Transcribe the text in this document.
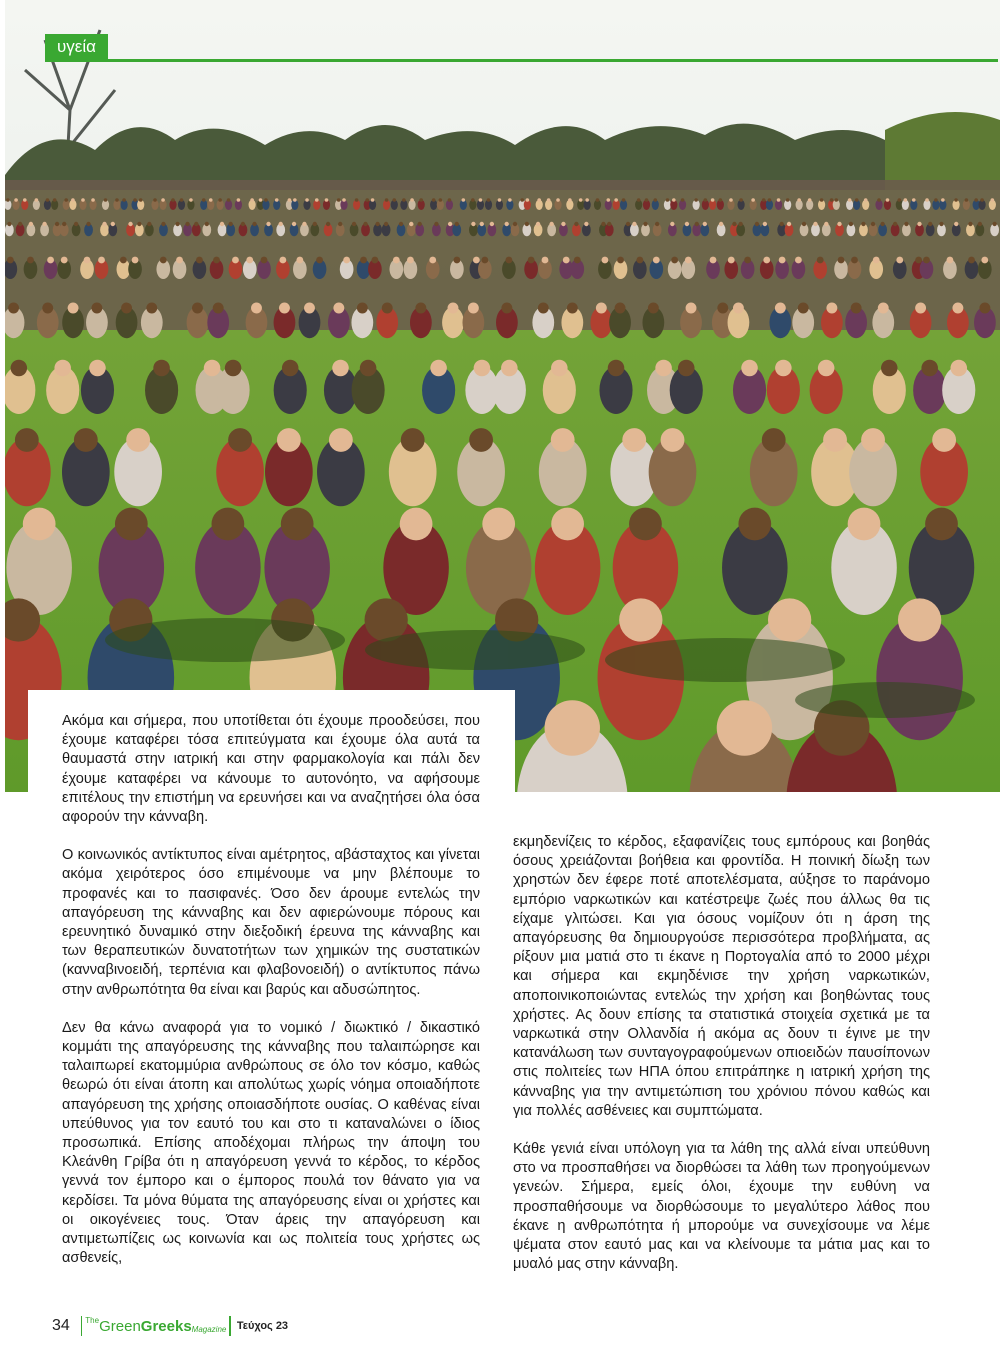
υγεία

Ακόμα και σήμερα, που υποτίθεται ότι έχουμε προοδεύσει, που έχουμε καταφέρει τόσα επιτεύγματα και έχουμε όλα αυτά τα θαυμαστά στην ιατρική και στην φαρμακολογία και πάλι δεν έχουμε καταφέρει να κάνουμε το αυτονόητο, να αφήσουμε επιτέλους την επιστήμη να ερευνήσει και να αναζητήσει όλα όσα αφορούν την κάνναβη.

Ο κοινωνικός αντίκτυπος είναι αμέτρητος, αβάσταχτος και γίνεται ακόμα χειρότερος όσο επιμένουμε να μην βλέπουμε το προφανές και το πασιφανές. Όσο δεν άρουμε εντελώς την απαγόρευση της κάνναβης και δεν αφιερώνουμε πόρους και ερευνητικό δυναμικό στην διεξοδική έρευνα της κάνναβης και των θεραπευτικών δυνατοτήτων των χημικών της συστατικών (κανναβινοειδή, τερπένια και φλαβονοειδή) ο αντίκτυπος πάνω στην ανθρωπότητα θα είναι και βαρύς και αδυσώπητος.

Δεν θα κάνω αναφορά για το νομικό / διωκτικό / δικαστικό κομμάτι της απαγόρευσης της κάνναβης που ταλαιπώρησε και ταλαιπωρεί εκατομμύρια ανθρώπους σε όλο τον κόσμο, καθώς θεωρώ ότι είναι άτοπη και απολύτως χωρίς νόημα οποιαδήποτε απαγόρευση της χρήσης οποιασδήποτε ουσίας. Ο καθένας είναι υπεύθυνος για τον εαυτό του και στο τι καταναλώνει ο ίδιος προσωπικά. Επίσης αποδέχομαι πλήρως την άποψη του Κλεάνθη Γρίβα ότι η απαγόρευση γεννά το κέρδος, το κέρδος γεννά τον έμπορο και ο έμπορος πουλά τον θάνατο για να κερδίσει. Τα μόνα θύματα της απαγόρευσης είναι οι χρήστες και οι οικογένειες τους. Όταν άρεις την απαγόρευση και αντιμετωπίζεις ως κοινωνία και ως πολιτεία τους χρήστες ως ασθενείς,

εκμηδενίζεις το κέρδος, εξαφανίζεις τους εμπόρους και βοηθάς όσους χρειάζονται βοήθεια και φροντίδα. Η ποινική δίωξη των χρηστών δεν έφερε ποτέ αποτελέσματα, αύξησε το παράνομο εμπόριο ναρκωτικών και κατέστρεψε ζωές που άλλως θα τις είχαμε γλιτώσει. Και για όσους νομίζουν ότι η άρση της απαγόρευσης θα δημιουργούσε περισσότερα προβλήματα, ας ρίξουν μια ματιά στο τι έκανε η Πορτογαλία από το 2000 μέχρι και σήμερα και εκμηδένισε την χρήση ναρκωτικών, αποποινικοποιώντας εντελώς την χρήση και βοηθώντας τους χρήστες. Ας δουν επίσης τα στατιστικά στοιχεία σχετικά με τα ναρκωτικά στην Ολλανδία ή ακόμα ας δουν τι έγινε με την κατανάλωση των συνταγογραφούμενων οπιοειδών παυσίπονων στις πολιτείες των ΗΠΑ όπου επιτράπηκε η ιατρική χρήση της κάνναβης για την αντιμετώπιση του χρόνιου πόνου καθώς και για πολλές ασθένειες και συμπτώματα.

Κάθε γενιά είναι υπόλογη για τα λάθη της αλλά είναι υπεύθυνη στο να προσπαθήσει να διορθώσει τα λάθη των προηγούμενων γενεών. Σήμερα, εμείς όλοι, έχουμε την ευθύνη να προσπαθήσουμε να διορθώσουμε το μεγαλύτερο λάθος που έκανε η ανθρωπότητα ή μπορούμε να συνεχίσουμε να λέμε ψέματα στον εαυτό μας και να κλείνουμε τα μάτια μας και το μυαλό μας στην κάνναβη.

34 The Green Greeks Magazine Τεύχος 23
